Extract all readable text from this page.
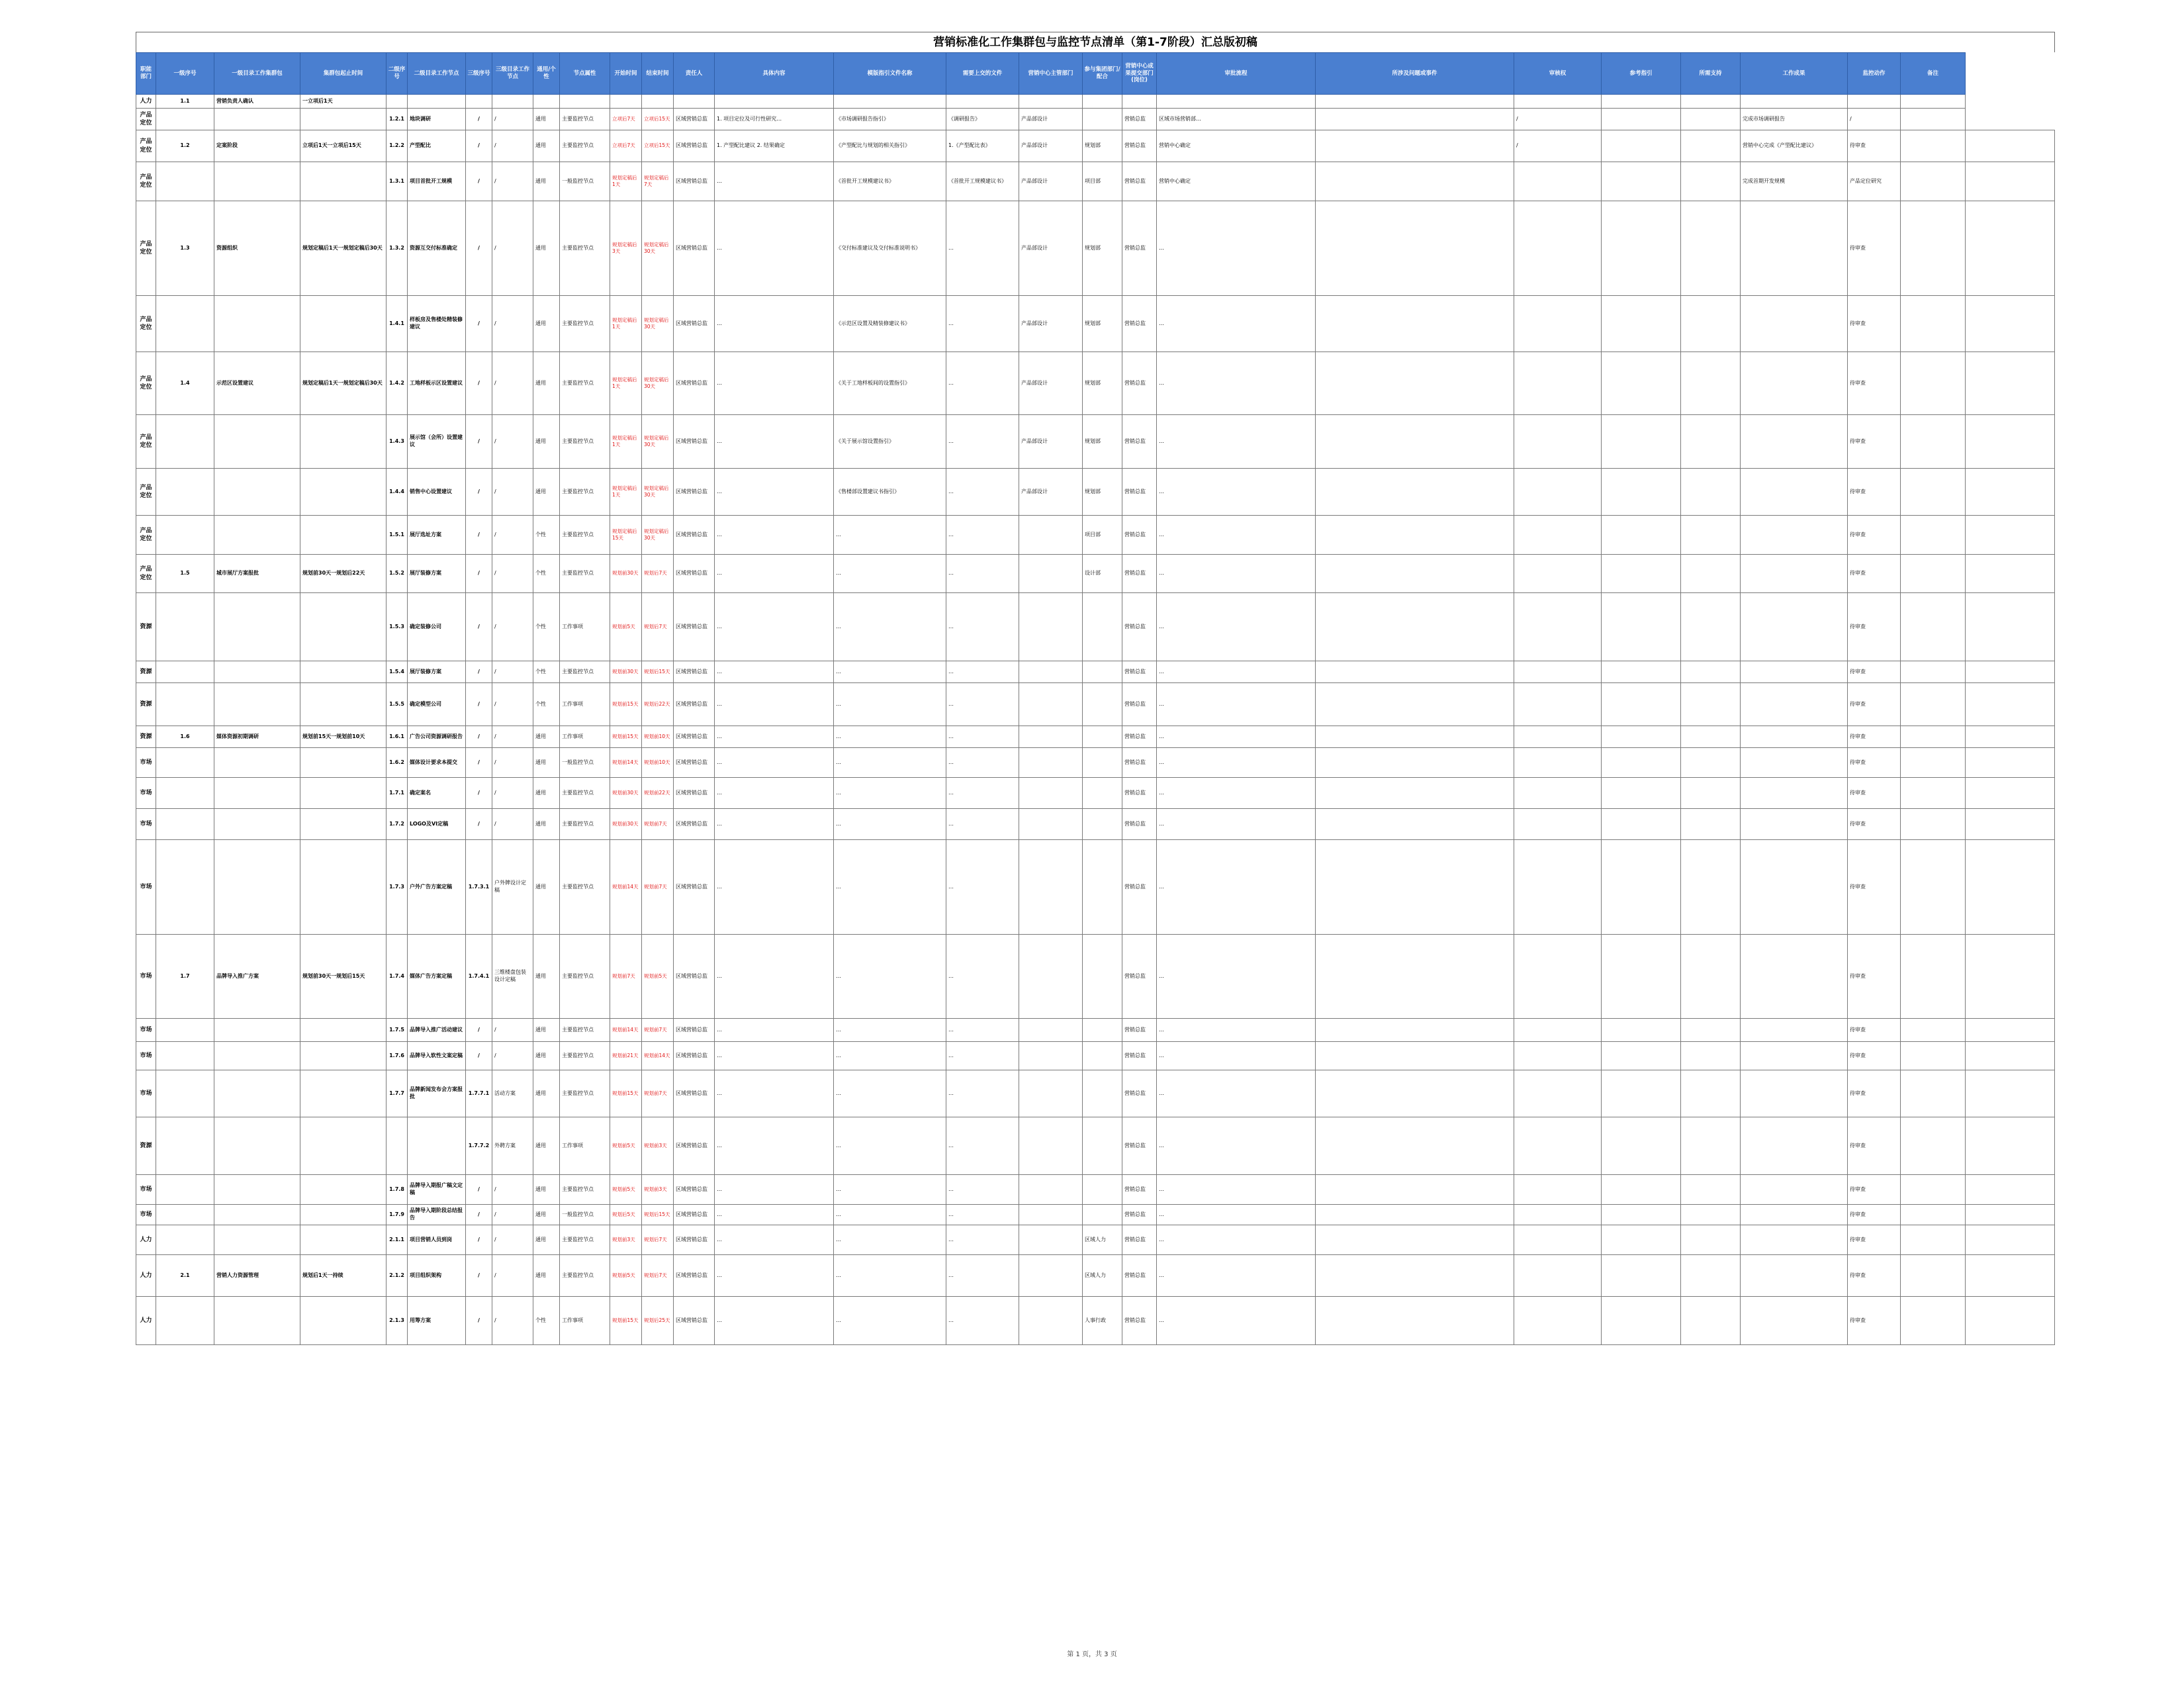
营销标准化工作集群包与监控节点清单（第1-7阶段）汇总版初稿
职能部门	一级序号	一级目录工作集群包	集群包起止时间	二级序号	二级目录工作节点	三级序号	三级目录工作节点	通用/个性	节点属性	开始时间	结束时间	责任人	具体内容	模版指引文件名称	需要上交的文件	营销中心主管部门	参与集团部门/配合	营销中心成果提交部门(岗位)	审批流程	所涉及问题或事件	审核权	参考指引	所需支持	工作成果	监控动作	备注	
人力	1.1	营销负责人确认	一立项后1天																								
产品定位				1.2.1	地块调研	/	/	通用	主要监控节点	立项后7天	立项后15天	区域营销总监	1. 项目定位及可行性研究…	《市场调研报告指引》	《调研报告》	产品部设计		营销总监	区域市场营销部…		/			完成市场调研报告	/		
产品定位	1.2	定案阶段	立项后1天一立项后15天	1.2.2	产型配比	/	/	通用	主要监控节点	立项后7天	立项后15天	区域营销总监	1. 产型配比建议 2. 结果确定	《产型配比与规划的相关指引》	1.《产型配比表》	产品部设计	规划部	营销总监	营销中心确定		/			营销中心完成《产型配比建议》	待审查		
产品定位				1.3.1	项目首批开工规模	/	/	通用	一般监控节点	规划定稿后1天	规划定稿后7天	区域营销总监	…	《首批开工规模建议书》	《首批开工规模建议书》	产品部设计	项目部	营销总监	营销中心确定					完成首期开发规模	产品定位研究		
产品定位	1.3	资源组织	规划定稿后1天一规划定稿后30天	1.3.2	资源互交付标准确定	/	/	通用	主要监控节点	规划定稿后3天	规划定稿后30天	区域营销总监	…	《交付标准建议及交付标准说明书》	…	产品部设计	规划部	营销总监	…						待审查		
产品定位				1.4.1	样板房及售楼处精装修建议	/	/	通用	主要监控节点	规划定稿后1天	规划定稿后30天	区域营销总监	…	《示范区设置及精装修建议书》	…	产品部设计	规划部	营销总监	…						待审查		
产品定位	1.4	示范区设置建议	规划定稿后1天一规划定稿后30天	1.4.2	工地样板示区设置建议	/	/	通用	主要监控节点	规划定稿后1天	规划定稿后30天	区域营销总监	…	《关于工地样板间的设置指引》	…	产品部设计	规划部	营销总监	…						待审查		
产品定位				1.4.3	展示馆（会所）设置建议	/	/	通用	主要监控节点	规划定稿后1天	规划定稿后30天	区域营销总监	…	《关于展示馆设置指引》	…	产品部设计	规划部	营销总监	…						待审查		
产品定位				1.4.4	销售中心设置建议	/	/	通用	主要监控节点	规划定稿后1天	规划定稿后30天	区域营销总监	…	《售楼部设置建议书指引》	…	产品部设计	规划部	营销总监	…						待审查		
产品定位				1.5.1	展厅选址方案	/	/	个性	主要监控节点	规划定稿后15天	规划定稿后30天	区域营销总监	…	…	…		项目部	营销总监	…						待审查		
产品定位	1.5	城市展厅方案报批	规划前30天一规划后22天	1.5.2	展厅装修方案	/	/	个性	主要监控节点	规划前30天	规划后7天	区域营销总监	…	…	…		设计部	营销总监	…						待审查		
资源				1.5.3	确定装修公司	/	/	个性	工作事项	规划前5天	规划后7天	区域营销总监	…	…	…			营销总监	…						待审查		
资源				1.5.4	展厅装修方案	/	/	个性	主要监控节点	规划前30天	规划后15天	区域营销总监	…	…	…			营销总监	…						待审查		
资源				1.5.5	确定模型公司	/	/	个性	工作事项	规划前15天	规划后22天	区域营销总监	…	…	…			营销总监	…						待审查		
资源	1.6	媒体资源初期调研	规划前15天一规划前10天	1.6.1	广告公司资源调研报告	/	/	通用	工作事项	规划前15天	规划前10天	区域营销总监	…	…	…			营销总监	…						待审查		
市场				1.6.2	媒体设计要求本提交	/	/	通用	一般监控节点	规划前14天	规划前10天	区域营销总监	…	…	…			营销总监	…						待审查		
市场				1.7.1	确定案名	/	/	通用	主要监控节点	规划前30天	规划前22天	区域营销总监	…	…	…			营销总监	…						待审查		
市场				1.7.2	LOGO及VI定稿	/	/	通用	主要监控节点	规划前30天	规划前7天	区域营销总监	…	…	…			营销总监	…						待审查		
市场				1.7.3	户外广告方案定稿	1.7.3.1	户外牌设计定稿	通用	主要监控节点	规划前14天	规划前7天	区域营销总监	…	…	…			营销总监	…						待审查		
市场	1.7	品牌导入推广方案	规划前30天一规划后15天	1.7.4	媒体广告方案定稿	1.7.4.1	三维楼盘包装设计定稿	通用	主要监控节点	规划前7天	规划前5天	区域营销总监	…	…	…			营销总监	…						待审查		
市场				1.7.5	品牌导入推广活动建议	/	/	通用	主要监控节点	规划前14天	规划前7天	区域营销总监	…	…	…			营销总监	…						待审查		
市场				1.7.6	品牌导入软性文案定稿	/	/	通用	主要监控节点	规划前21天	规划前14天	区域营销总监	…	…	…			营销总监	…						待审查		
市场				1.7.7	品牌新闻发布会方案报批	1.7.7.1	活动方案	通用	主要监控节点	规划前15天	规划前7天	区域营销总监	…	…	…			营销总监	…						待审查		
资源						1.7.7.2	外聘方案	通用	工作事项	规划前5天	规划前3天	区域营销总监	…	…	…			营销总监	…						待审查		
市场				1.7.8	品牌导入期报广稿文定稿	/	/	通用	主要监控节点	规划前5天	规划前3天	区域营销总监	…	…	…			营销总监	…						待审查		
市场				1.7.9	品牌导入期阶段总结报告	/	/	通用	一般监控节点	规划后5天	规划后15天	区域营销总监	…	…	…			营销总监	…						待审查		
人力				2.1.1	项目营销人员到岗	/	/	通用	主要监控节点	规划前3天	规划后7天	区域营销总监	…	…	…		区域人力	营销总监	…						待审查		
人力	2.1	营销人力资源管理	规划后1天一持续	2.1.2	项目组织架构	/	/	通用	主要监控节点	规划前5天	规划后7天	区域营销总监	…	…	…		区域人力	营销总监	…						待审查		
人力				2.1.3	用筹方案	/	/	个性	工作事项	规划前15天	规划后25天	区域营销总监	…	…	…		人事行政	营销总监	…						待审查		
第 1 页，共 3 页
